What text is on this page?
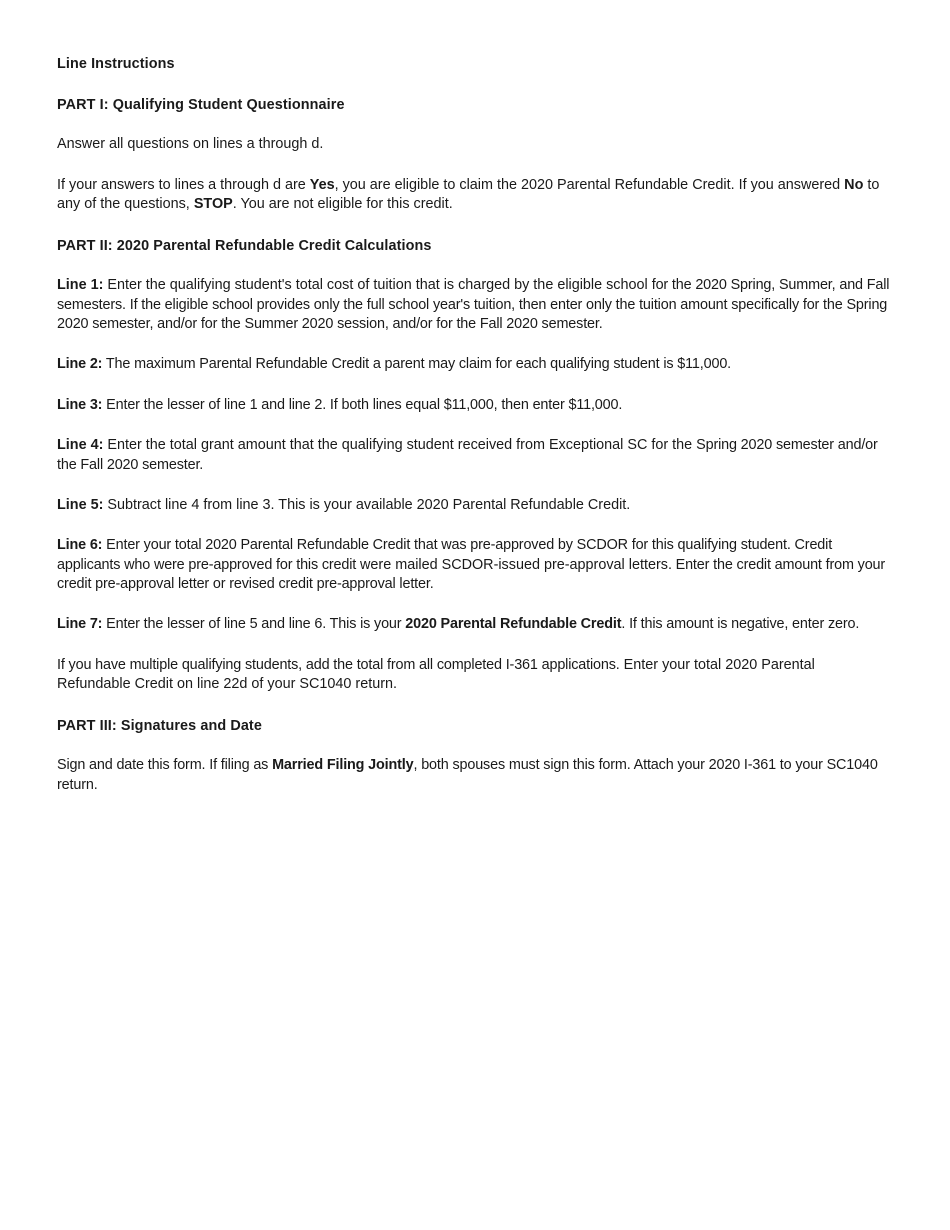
Line Instructions
PART I: Qualifying Student Questionnaire

Answer all questions on lines a through d.

If your answers to lines a through d are Yes, you are eligible to claim the 2020 Parental Refundable Credit. If you answered No to any of the questions, STOP. You are not eligible for this credit.

PART II: 2020 Parental Refundable Credit Calculations

Line 1: Enter the qualifying student's total cost of tuition that is charged by the eligible school for the 2020 Spring, Summer, and Fall semesters. If the eligible school provides only the full school year's tuition, then enter only the tuition amount specifically for the Spring 2020 semester, and/or for the Summer 2020 session, and/or for the Fall 2020 semester.

Line 2: The maximum Parental Refundable Credit a parent may claim for each qualifying student is $11,000.

Line 3: Enter the lesser of line 1 and line 2. If both lines equal $11,000, then enter $11,000.

Line 4: Enter the total grant amount that the qualifying student received from Exceptional SC for the Spring 2020 semester and/or the Fall 2020 semester.

Line 5: Subtract line 4 from line 3. This is your available 2020 Parental Refundable Credit.

Line 6: Enter your total 2020 Parental Refundable Credit that was pre-approved by SCDOR for this qualifying student. Credit applicants who were pre-approved for this credit were mailed SCDOR-issued pre-approval letters. Enter the credit amount from your credit pre-approval letter or revised credit pre-approval letter.

Line 7: Enter the lesser of line 5 and line 6. This is your 2020 Parental Refundable Credit. If this amount is negative, enter zero.

If you have multiple qualifying students, add the total from all completed I-361 applications. Enter your total 2020 Parental Refundable Credit on line 22d of your SC1040 return.

PART III: Signatures and Date

Sign and date this form. If filing as Married Filing Jointly, both spouses must sign this form. Attach your 2020 I-361 to your SC1040 return.
